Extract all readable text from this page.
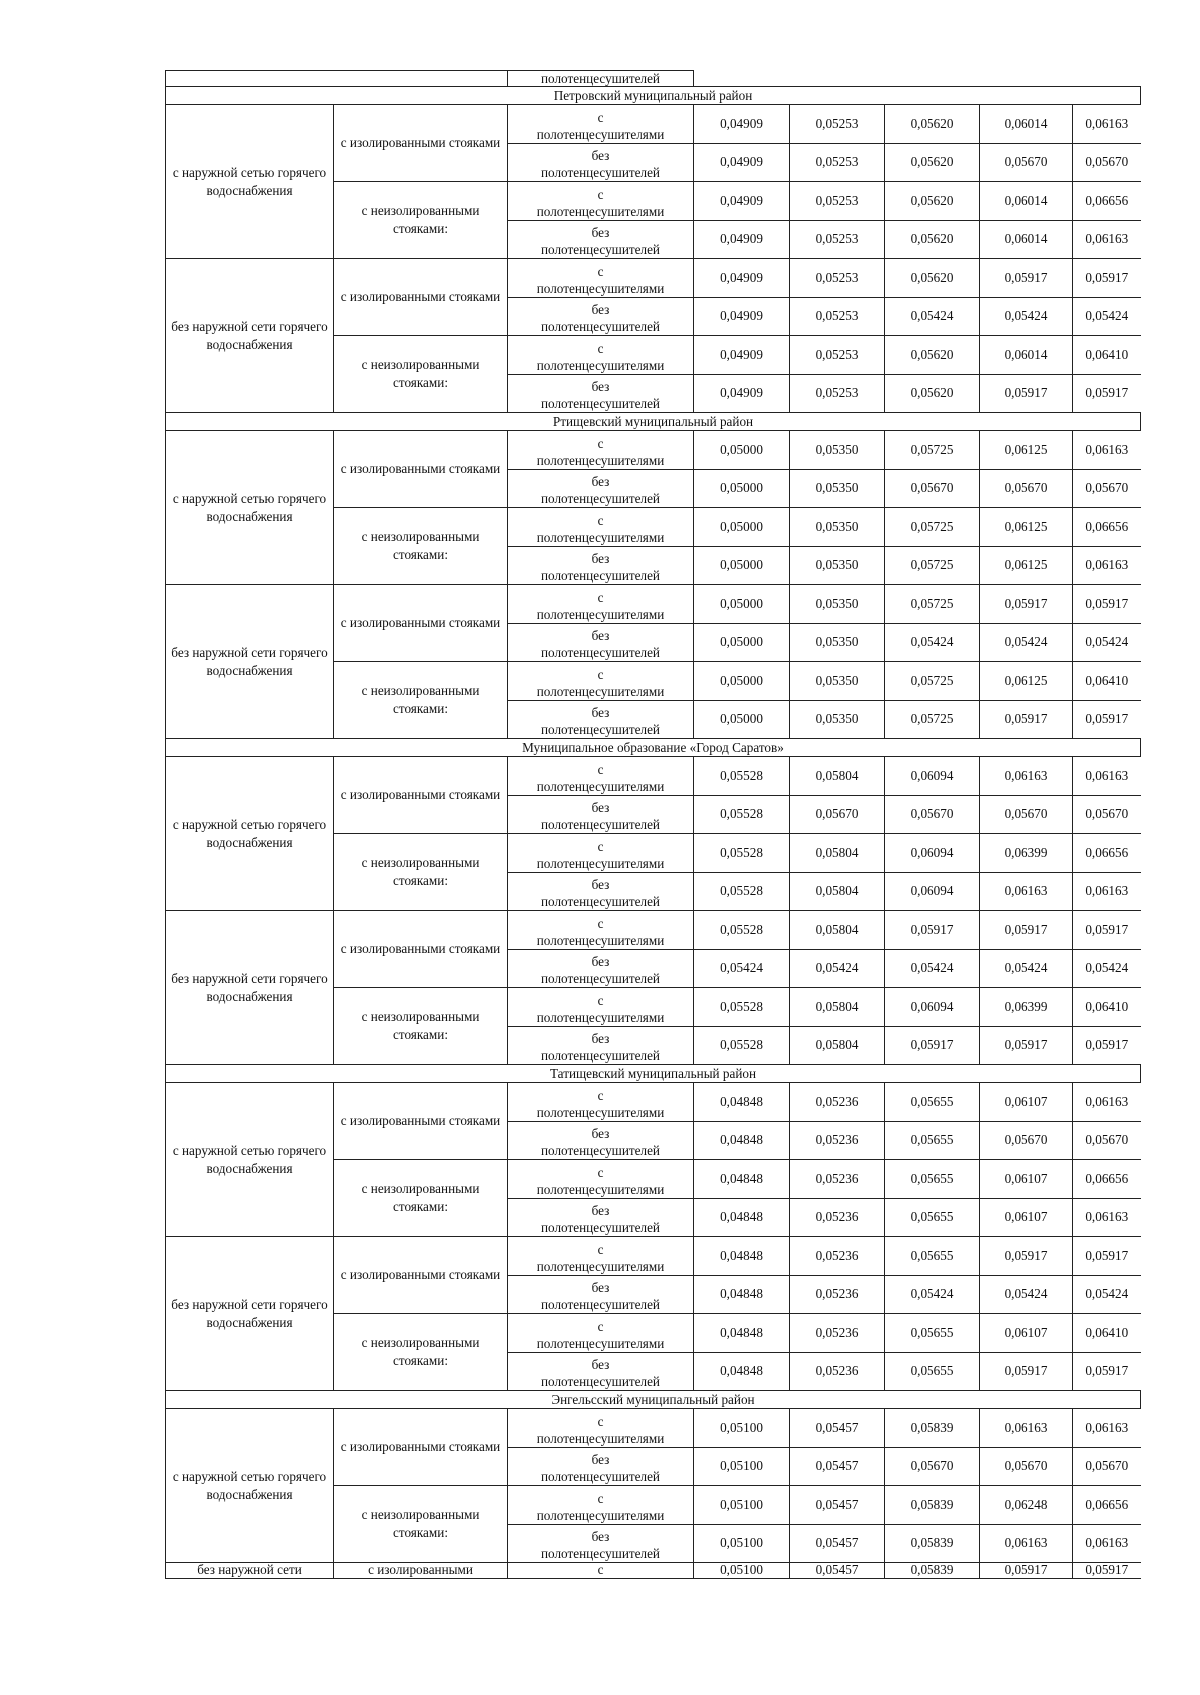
		полотенцесушителей					
Петровский муниципальный район							
с наружной сетью горячего водоснабжения	с изолированными стояками	с
полотенцесушителями	0,04909	0,05253	0,05620	0,06014	0,06163

		без
полотенцесушителей	0,04909	0,05253	0,05620	0,05670	0,05670
	с неизолированными стояками:	с
полотенцесушителями	0,04909	0,05253	0,05620	0,06014	0,06656

		без
полотенцесушителей	0,04909	0,05253	0,05620	0,06014	0,06163
без наружной сети горячего водоснабжения	с изолированными стояками	с
полотенцесушителями	0,04909	0,05253	0,05620	0,05917	0,05917

		без
полотенцесушителей	0,04909	0,05253	0,05424	0,05424	0,05424
	с неизолированными стояками:	с
полотенцесушителями	0,04909	0,05253	0,05620	0,06014	0,06410

		без
полотенцесушителей	0,04909	0,05253	0,05620	0,05917	0,05917
Ртищевский муниципальный район							
с наружной сетью горячего водоснабжения	с изолированными стояками	с
полотенцесушителями	0,05000	0,05350	0,05725	0,06125	0,06163

		без
полотенцесушителей	0,05000	0,05350	0,05670	0,05670	0,05670
	с неизолированными стояками:	с
полотенцесушителями	0,05000	0,05350	0,05725	0,06125	0,06656

		без
полотенцесушителей	0,05000	0,05350	0,05725	0,06125	0,06163
без наружной сети горячего водоснабжения	с изолированными стояками	с
полотенцесушителями	0,05000	0,05350	0,05725	0,05917	0,05917

		без
полотенцесушителей	0,05000	0,05350	0,05424	0,05424	0,05424
	с неизолированными стояками:	с
полотенцесушителями	0,05000	0,05350	0,05725	0,06125	0,06410

		без
полотенцесушителей	0,05000	0,05350	0,05725	0,05917	0,05917
Муниципальное образование «Город Саратов»							
с наружной сетью горячего водоснабжения	с изолированными стояками	с
полотенцесушителями	0,05528	0,05804	0,06094	0,06163	0,06163

		без
полотенцесушителей	0,05528	0,05670	0,05670	0,05670	0,05670
	с неизолированными стояками:	с
полотенцесушителями	0,05528	0,05804	0,06094	0,06399	0,06656

		без
полотенцесушителей	0,05528	0,05804	0,06094	0,06163	0,06163
без наружной сети горячего водоснабжения	с изолированными стояками	с
полотенцесушителями	0,05528	0,05804	0,05917	0,05917	0,05917

		без
полотенцесушителей	0,05424	0,05424	0,05424	0,05424	0,05424
	с неизолированными стояками:	с
полотенцесушителями	0,05528	0,05804	0,06094	0,06399	0,06410

		без
полотенцесушителей	0,05528	0,05804	0,05917	0,05917	0,05917
Татищевский муниципальный район							
с наружной сетью горячего водоснабжения	с изолированными стояками	с
полотенцесушителями	0,04848	0,05236	0,05655	0,06107	0,06163

		без
полотенцесушителей	0,04848	0,05236	0,05655	0,05670	0,05670
	с неизолированными стояками:	с
полотенцесушителями	0,04848	0,05236	0,05655	0,06107	0,06656

		без
полотенцесушителей	0,04848	0,05236	0,05655	0,06107	0,06163
без наружной сети горячего водоснабжения	с изолированными стояками	с
полотенцесушителями	0,04848	0,05236	0,05655	0,05917	0,05917

		без
полотенцесушителей	0,04848	0,05236	0,05424	0,05424	0,05424
	с неизолированными стояками:	с
полотенцесушителями	0,04848	0,05236	0,05655	0,06107	0,06410

		без
полотенцесушителей	0,04848	0,05236	0,05655	0,05917	0,05917
Энгельсский муниципальный район							
с наружной сетью горячего водоснабжения	с изолированными стояками	с
полотенцесушителями	0,05100	0,05457	0,05839	0,06163	0,06163

		без
полотенцесушителей	0,05100	0,05457	0,05670	0,05670	0,05670
	с неизолированными стояками:	с
полотенцесушителями	0,05100	0,05457	0,05839	0,06248	0,06656

		без
полотенцесушителей	0,05100	0,05457	0,05839	0,06163	0,06163
без наружной сети	с изолированными	с	0,05100	0,05457	0,05839	0,05917	0,05917
